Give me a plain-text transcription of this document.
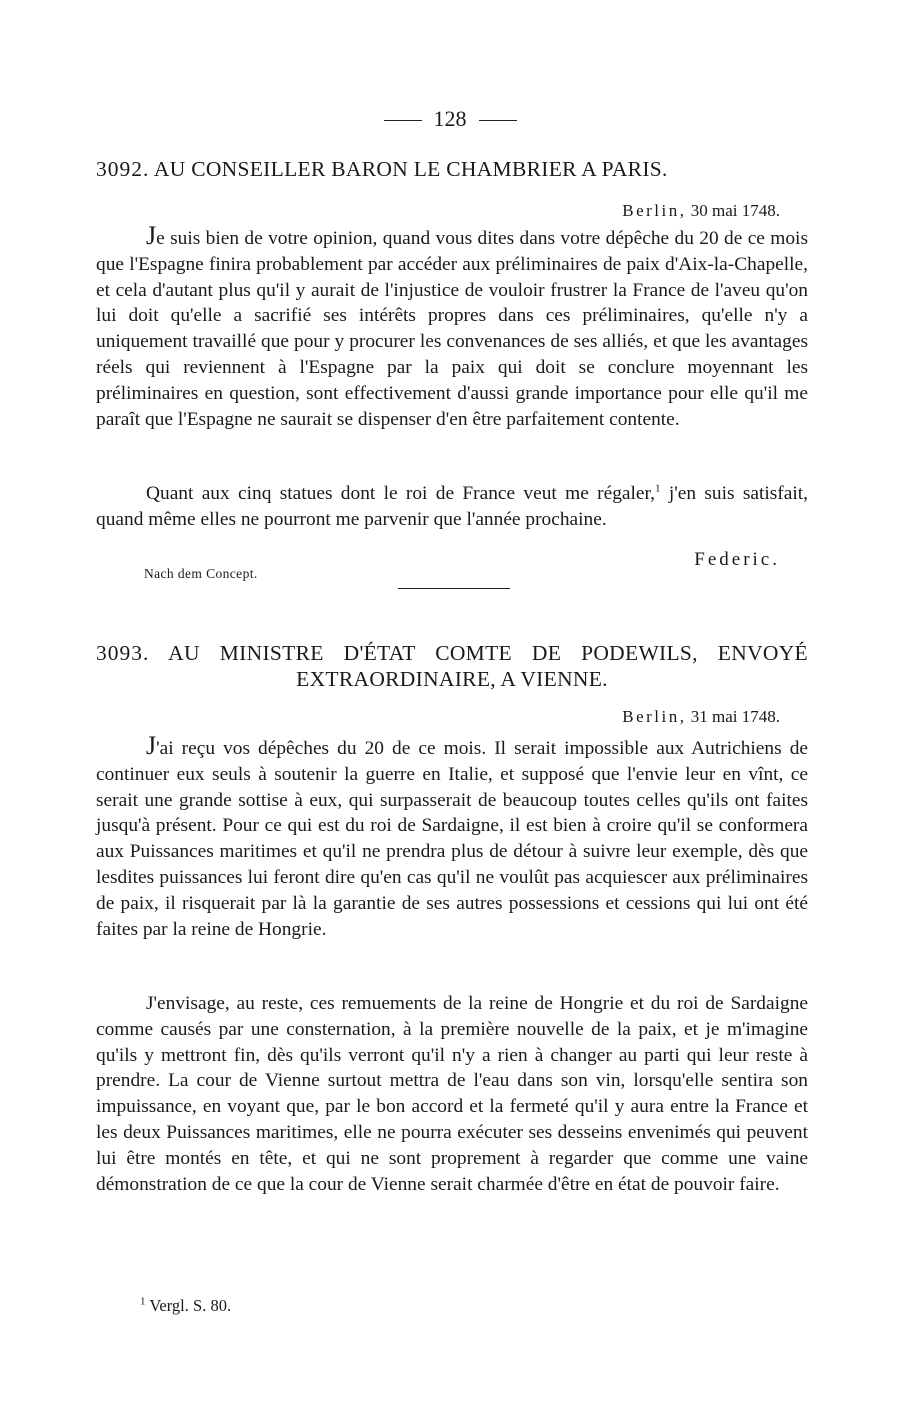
128
3092. AU CONSEILLER BARON LE CHAMBRIER A PARIS.
Berlin, 30 mai 1748.

Je suis bien de votre opinion, quand vous dites dans votre dépêche du 20 de ce mois que l'Espagne finira probablement par accéder aux préliminaires de paix d'Aix-la-Chapelle, et cela d'autant plus qu'il y aurait de l'injustice de vouloir frustrer la France de l'aveu qu'on lui doit qu'elle a sacrifié ses intérêts propres dans ces préliminaires, qu'elle n'y a uniquement travaillé que pour y procurer les convenances de ses alliés, et que les avantages réels qui reviennent à l'Espagne par la paix qui doit se conclure moyennant les préliminaires en question, sont effectivement d'aussi grande importance pour elle qu'il me paraît que l'Espagne ne saurait se dispenser d'en être parfaitement contente.

Quant aux cinq statues dont le roi de France veut me régaler,$^1$ j'en suis satisfait, quand même elles ne pourront me parvenir que l'année prochaine.

Federic.
Nach dem Concept.
3093. AU MINISTRE D'ÉTAT COMTE DE PODEWILS, ENVOYÉ
EXTRAORDINAIRE, A VIENNE.
Berlin, 31 mai 1748.

J'ai reçu vos dépêches du 20 de ce mois. Il serait impossible aux Autrichiens de continuer eux seuls à soutenir la guerre en Italie, et supposé que l'envie leur en vînt, ce serait une grande sottise à eux, qui surpasserait de beaucoup toutes celles qu'ils ont faites jusqu'à présent. Pour ce qui est du roi de Sardaigne, il est bien à croire qu'il se conformera aux Puissances maritimes et qu'il ne prendra plus de détour à suivre leur exemple, dès que lesdites puissances lui feront dire qu'en cas qu'il ne voulût pas acquiescer aux préliminaires de paix, il risquerait par là la garantie de ses autres possessions et cessions qui lui ont été faites par la reine de Hongrie.

J'envisage, au reste, ces remuements de la reine de Hongrie et du roi de Sardaigne comme causés par une consternation, à la première nouvelle de la paix, et je m'imagine qu'ils y mettront fin, dès qu'ils verront qu'il n'y a rien à changer au parti qui leur reste à prendre. La cour de Vienne surtout mettra de l'eau dans son vin, lorsqu'elle sentira son impuissance, en voyant que, par le bon accord et la fermeté qu'il y aura entre la France et les deux Puissances maritimes, elle ne pourra exécuter ses desseins envenimés qui peuvent lui être montés en tête, et qui ne sont proprement à regarder que comme une vaine démonstration de ce que la cour de Vienne serait charmée d'être en état de pouvoir faire.

$^1$ Vergl. S. 80.
